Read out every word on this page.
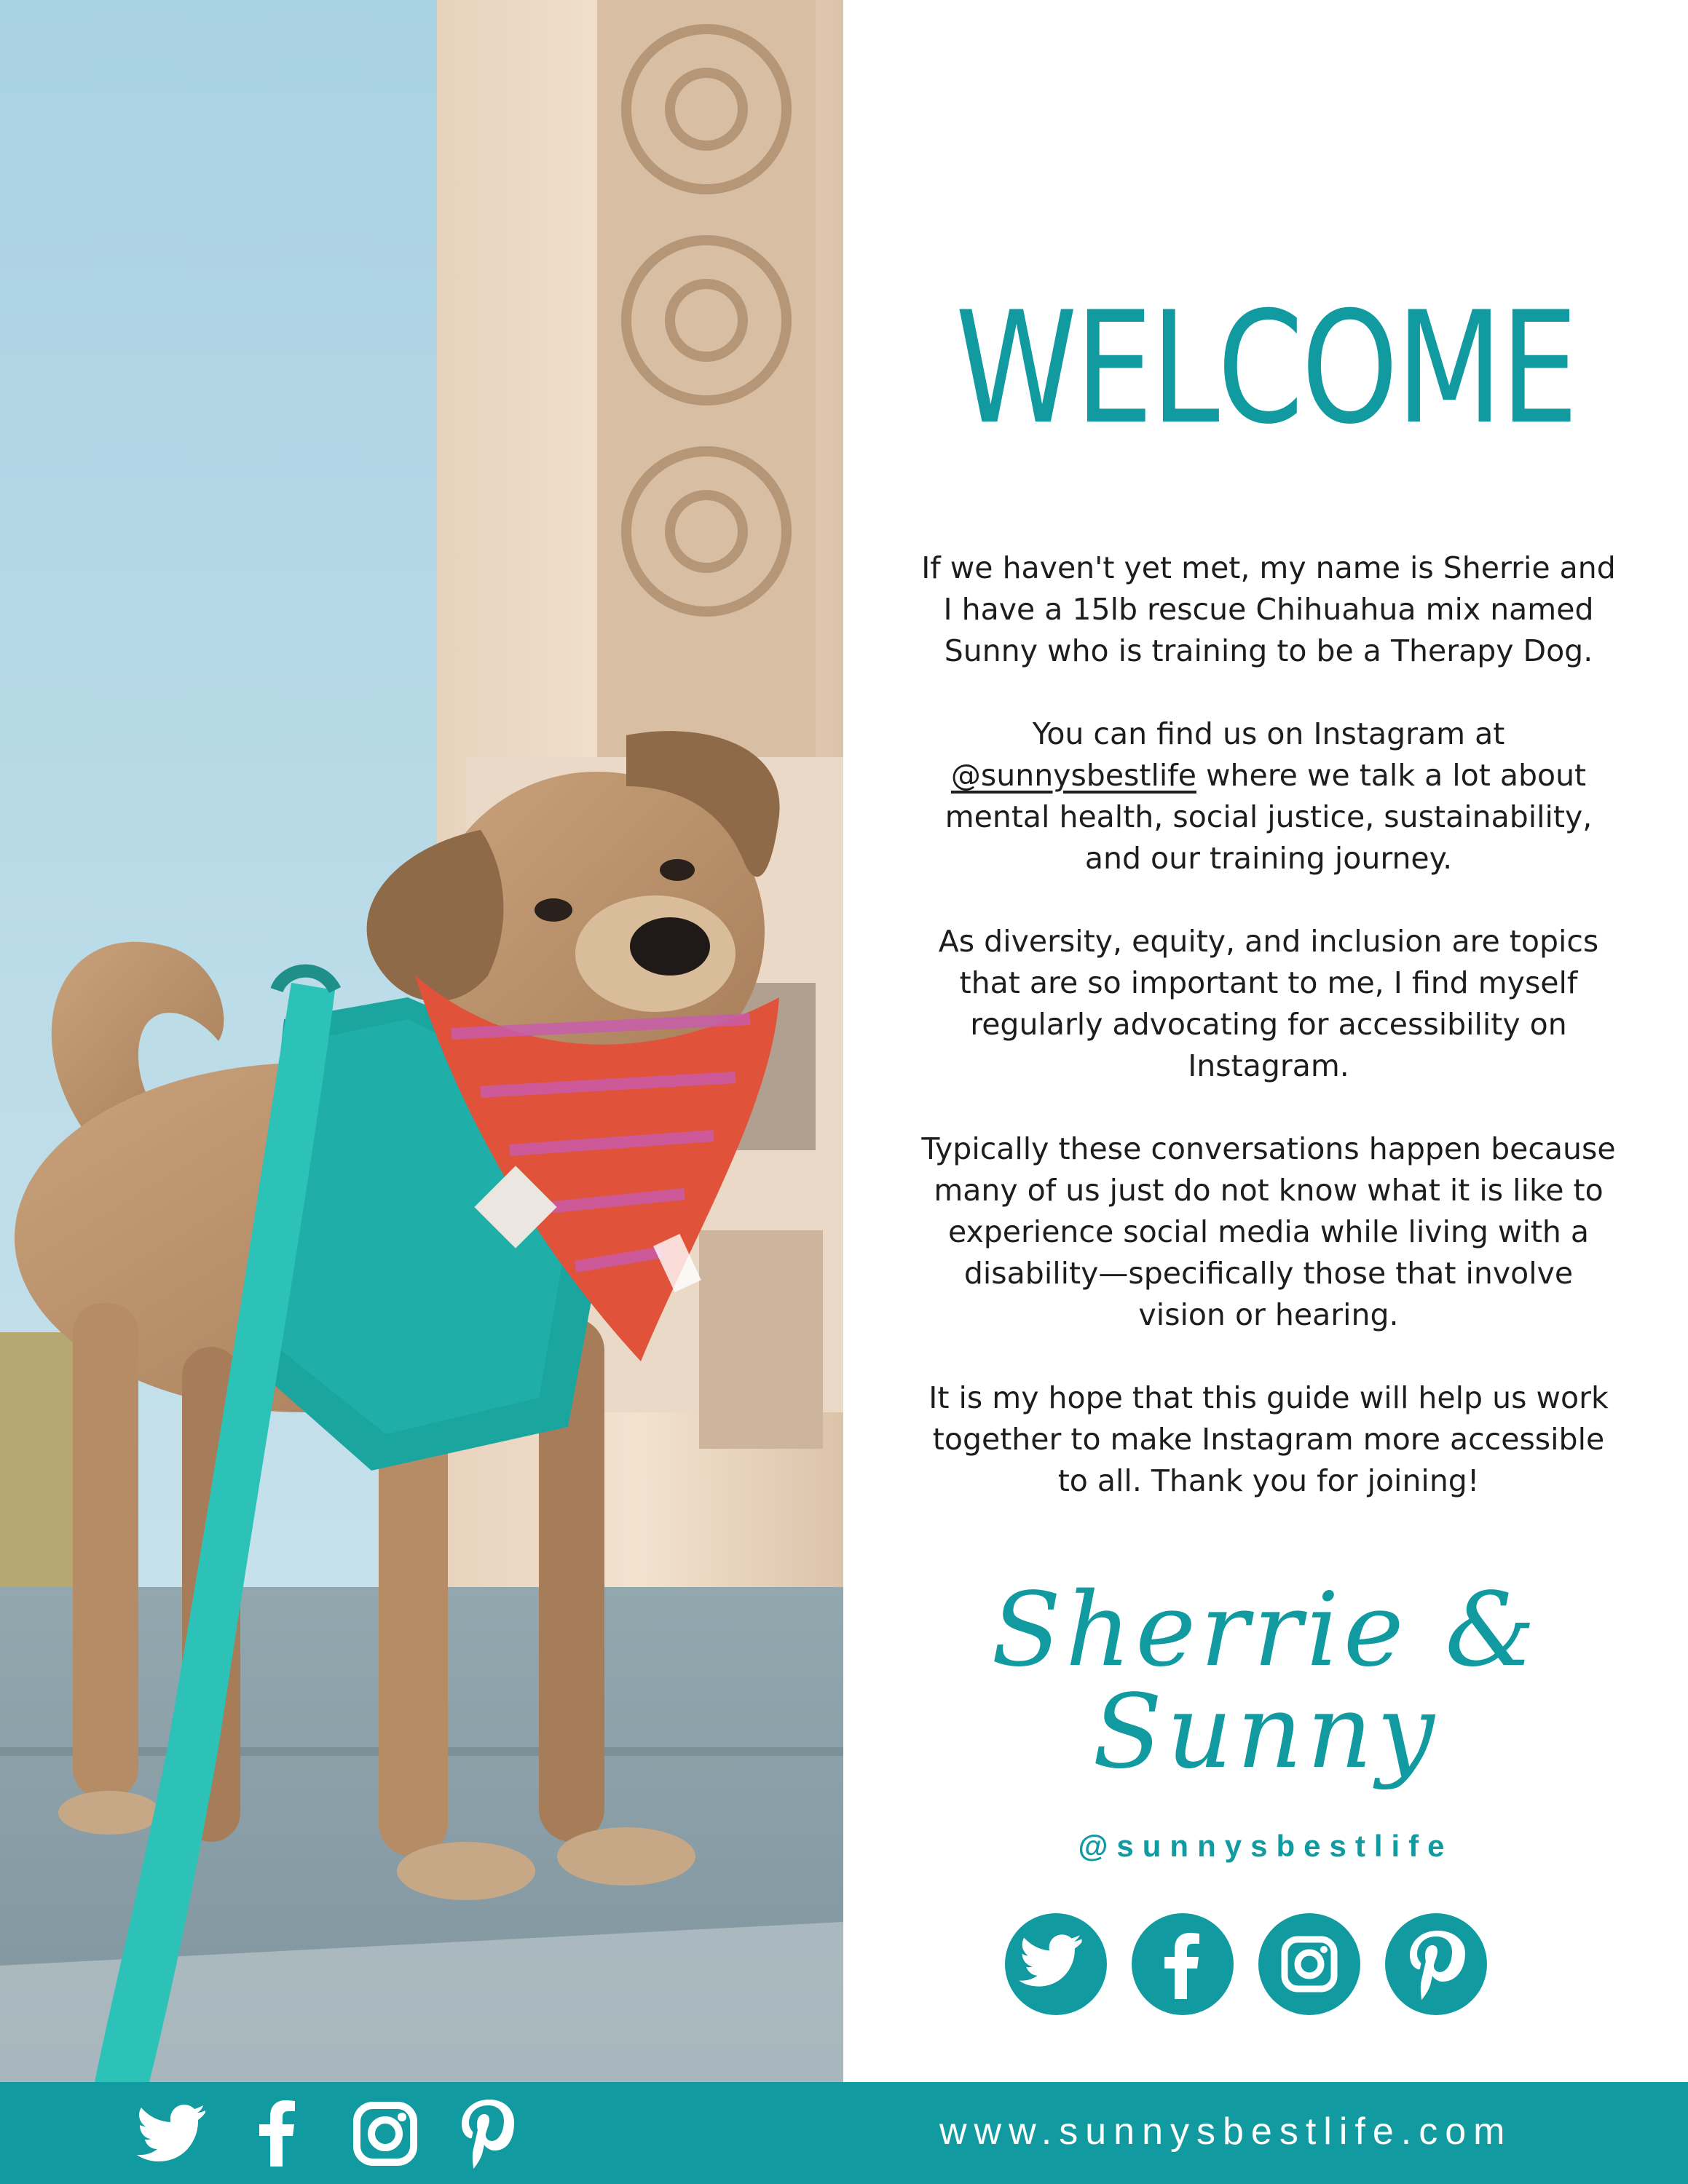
WELCOME

If we haven't yet met, my name is Sherrie and I have a 15lb rescue Chihuahua mix named Sunny who is training to be a Therapy Dog.

You can find us on Instagram at @sunnysbestlife where we talk a lot about mental health, social justice, sustainability, and our training journey.

As diversity, equity, and inclusion are topics that are so important to me, I find myself regularly advocating for accessibility on Instagram.

Typically these conversations happen because many of us just do not know what it is like to experience social media while living with a disability—specifically those that involve vision or hearing.

It is my hope that this guide will help us work together to make Instagram more accessible to all. Thank you for joining!

Sherrie & Sunny
@sunnysbestlife
www.sunnysbestlife.com
